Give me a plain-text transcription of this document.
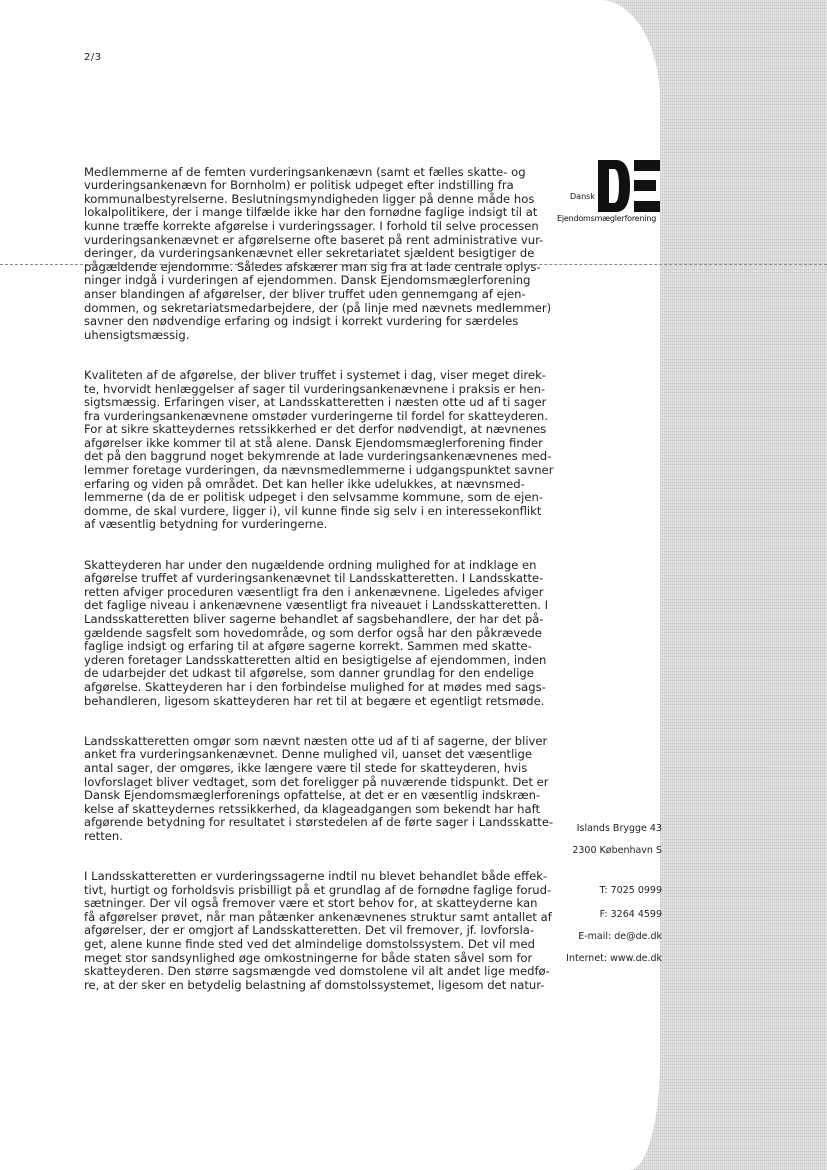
2/3
Dansk
Ejendomsmæglerforening

Medlemmerne af de femten vurderingsankenævn (samt et fælles skatte- og
vurderingsankenævn for Bornholm) er politisk udpeget efter indstilling fra
kommunalbestyrelserne. Beslutningsmyndigheden ligger på denne måde hos
lokalpolitikere, der i mange tilfælde ikke har den fornødne faglige indsigt til at
kunne træffe korrekte afgørelse i vurderingssager. I forhold til selve processen
vurderingsankenævnet er afgørelserne ofte baseret på rent administrative vur-
deringer, da vurderingsankenævnet eller sekretariatet sjældent besigtiger de
pågældende ejendomme. Således afskærer man sig fra at lade centrale oplys-
ninger indgå i vurderingen af ejendommen. Dansk Ejendomsmæglerforening
anser blandingen af afgørelser, der bliver truffet uden gennemgang af ejen-
dommen, og sekretariatsmedarbejdere, der (på linje med nævnets medlemmer)
savner den nødvendige erfaring og indsigt i korrekt vurdering for særdeles
uhensigtsmæssig.

Kvaliteten af de afgørelse, der bliver truffet i systemet i dag, viser meget direk-
te, hvorvidt henlæggelser af sager til vurderingsankenævnene i praksis er hen-
sigtsmæssig. Erfaringen viser, at Landsskatteretten i næsten otte ud af ti sager
fra vurderingsankenævnene omstøder vurderingerne til fordel for skatteyderen.
For at sikre skatteydernes retssikkerhed er det derfor nødvendigt, at nævnenes
afgørelser ikke kommer til at stå alene. Dansk Ejendomsmæglerforening finder
det på den baggrund noget bekymrende at lade vurderingsankenævnenes med-
lemmer foretage vurderingen, da nævnsmedlemmerne i udgangspunktet savner
erfaring og viden på området. Det kan heller ikke udelukkes, at nævnsmed-
lemmerne (da de er politisk udpeget i den selvsamme kommune, som de ejen-
domme, de skal vurdere, ligger i), vil kunne finde sig selv i en interessekonflikt
af væsentlig betydning for vurderingerne.

Skatteyderen har under den nugældende ordning mulighed for at indklage en
afgørelse truffet af vurderingsankenævnet til Landsskatteretten. I Landsskatte-
retten afviger proceduren væsentligt fra den i ankenævnene. Ligeledes afviger
det faglige niveau i ankenævnene væsentligt fra niveauet i Landsskatteretten. I
Landsskatteretten bliver sagerne behandlet af sagsbehandlere, der har det på-
gældende sagsfelt som hovedområde, og som derfor også har den påkrævede
faglige indsigt og erfaring til at afgøre sagerne korrekt. Sammen med skatte-
yderen foretager Landsskatteretten altid en besigtigelse af ejendommen, inden
de udarbejder det udkast til afgørelse, som danner grundlag for den endelige
afgørelse. Skatteyderen har i den forbindelse mulighed for at mødes med sags-
behandleren, ligesom skatteyderen har ret til at begære et egentligt retsmøde.

Landsskatteretten omgør som nævnt næsten otte ud af ti af sagerne, der bliver
anket fra vurderingsankenævnet. Denne mulighed vil, uanset det væsentlige
antal sager, der omgøres, ikke længere være til stede for skatteyderen, hvis
lovforslaget bliver vedtaget, som det foreligger på nuværende tidspunkt. Det er
Dansk Ejendomsmæglerforenings opfattelse, at det er en væsentlig indskræn-
kelse af skatteydernes retssikkerhed, da klageadgangen som bekendt har haft
afgørende betydning for resultatet i størstedelen af de førte sager i Landsskatte-
retten.

I Landsskatteretten er vurderingssagerne indtil nu blevet behandlet både effek-
tivt, hurtigt og forholdsvis prisbilligt på et grundlag af de fornødne faglige forud-
sætninger. Der vil også fremover være et stort behov for, at skatteyderne kan
få afgørelser prøvet, når man påtænker ankenævnenes struktur samt antallet af
afgørelser, der er omgjort af Landsskatteretten. Det vil fremover, jf. lovforsla-
get, alene kunne finde sted ved det almindelige domstolssystem. Det vil med
meget stor sandsynlighed øge omkostningerne for både staten såvel som for
skatteyderen. Den større sagsmængde ved domstolene vil alt andet lige medfø-
re, at der sker en betydelig belastning af domstolssystemet, ligesom det natur-

Islands Brygge 43
2300 København S
T: 7025 0999
F: 3264 4599
E-mail: de@de.dk
Internet: www.de.dk
